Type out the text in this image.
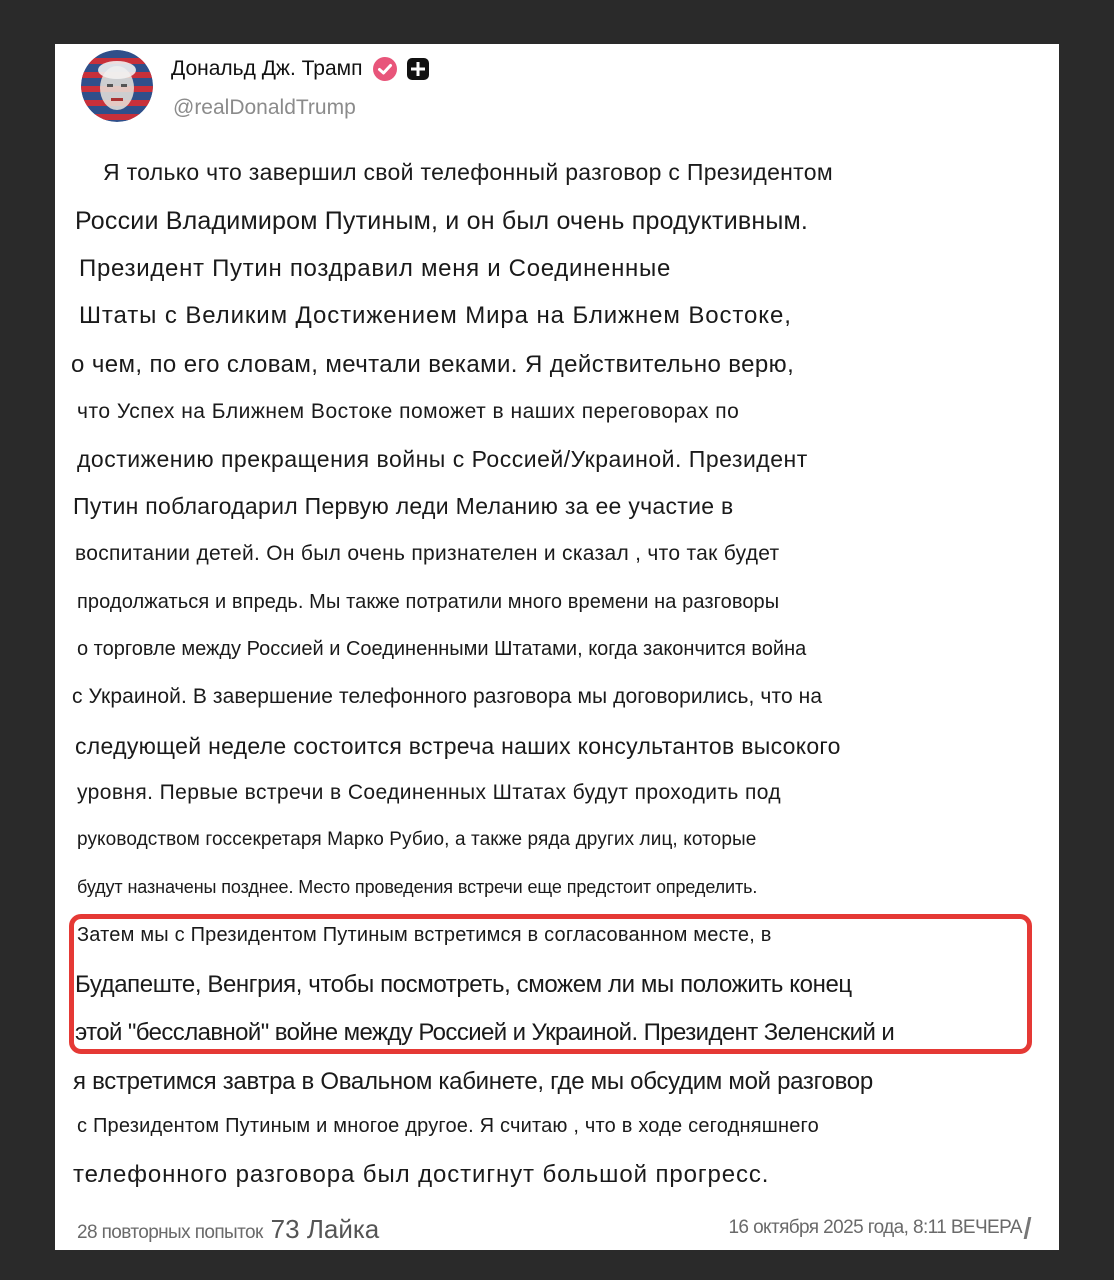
Дональд Дж. Трамп
@realDonaldTrump
Я только что завершил свой телефонный разговор с Президентом
России Владимиром Путиным, и он был очень продуктивным.
Президент Путин поздравил меня и Соединенные
Штаты с Великим Достижением Мира на Ближнем Востоке,
о чем, по его словам, мечтали веками. Я действительно верю,
что Успех на Ближнем Востоке поможет в наших переговорах по
достижению прекращения войны с Россией/Украиной. Президент
Путин поблагодарил Первую леди Меланию за ее участие в
воспитании детей. Он был очень признателен и сказал , что так будет
продолжаться и впредь. Мы также потратили много времени на разговоры
о торговле между Россией и Соединенными Штатами, когда закончится война
с Украиной. В завершение телефонного разговора мы договорились, что на
следующей неделе состоится встреча наших консультантов высокого
уровня. Первые встречи в Соединенных Штатах будут проходить под
руководством госсекретаря Марко Рубио, а также ряда других лиц, которые
будут назначены позднее. Место проведения встречи еще предстоит определить.
Затем мы с Президентом Путиным встретимся в согласованном месте, в
Будапеште, Венгрия, чтобы посмотреть, сможем ли мы положить конец
этой "бесславной" войне между Россией и Украиной. Президент Зеленский и
я встретимся завтра в Овальном кабинете, где мы обсудим мой разговор
с Президентом Путиным и многое другое. Я считаю , что в ходе сегодняшнего
телефонного разговора был достигнут большой прогресс.
28 повторных попыток 73 Лайка	16 октября 2025 года, 8:11 ВЕЧЕРА
